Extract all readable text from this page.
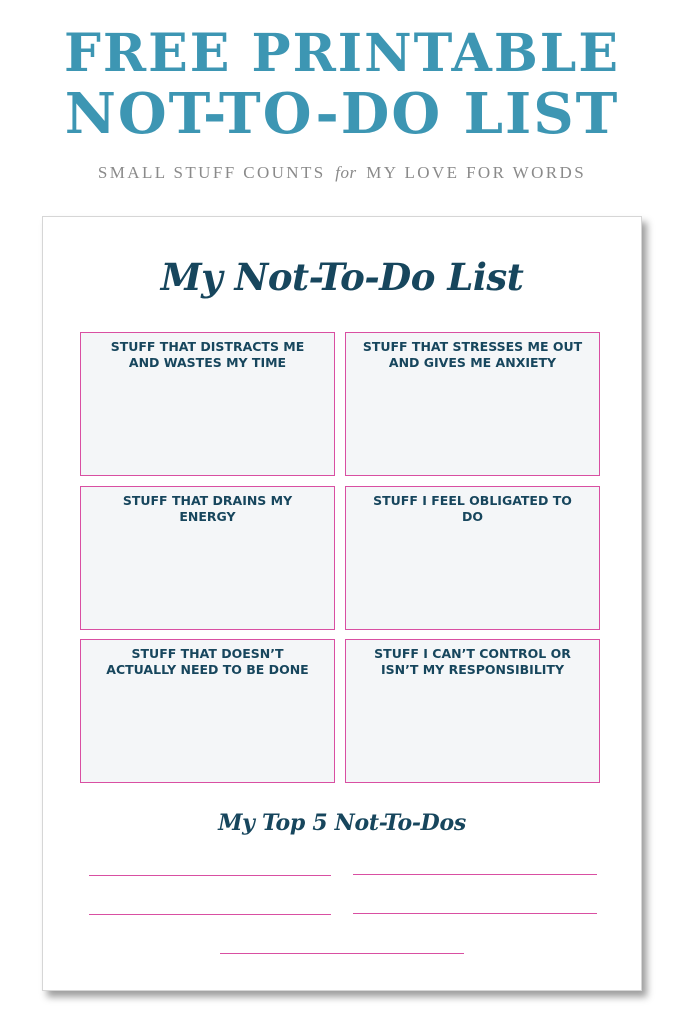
FREE PRINTABLE
NOT-TO-DO LIST
SMALL STUFF COUNTS for MY LOVE FOR WORDS
My Not-To-Do List
STUFF THAT DISTRACTS ME AND WASTES MY TIME
STUFF THAT STRESSES ME OUT AND GIVES ME ANXIETY
STUFF THAT DRAINS MY ENERGY
STUFF I FEEL OBLIGATED TO DO
STUFF THAT DOESN’T ACTUALLY NEED TO BE DONE
STUFF I CAN’T CONTROL OR ISN’T MY RESPONSIBILITY
My Top 5 Not-To-Dos
